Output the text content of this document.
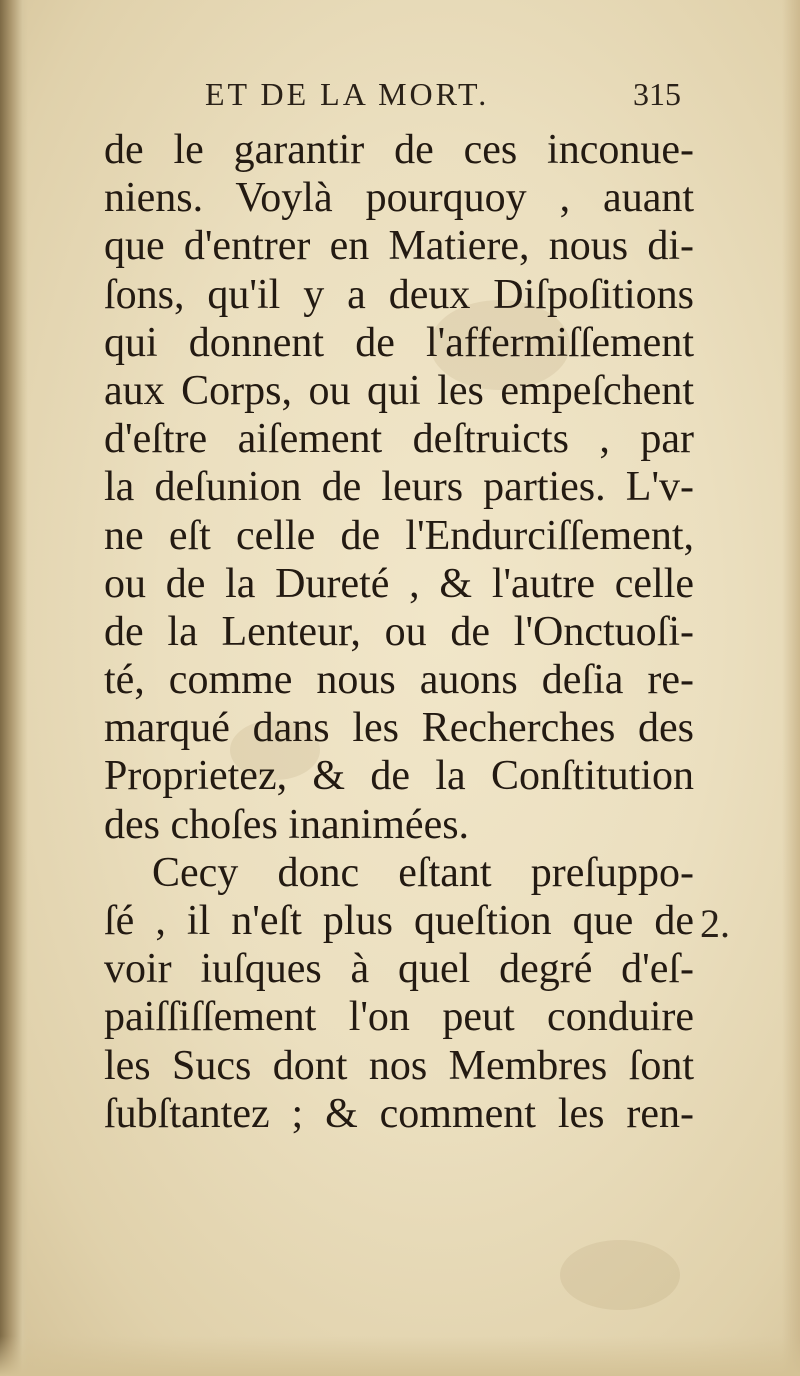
ET DE LA MORT.	315
de le garantir de ces inconue-
niens. Voylà pourquoy , auant
que d'entrer en Matiere, nous di-
ſons, qu'il y a deux Diſpoſitions
qui donnent de l'affermiſſement
aux Corps, ou qui les empeſchent
d'eſtre aiſement deſtruicts , par
la deſunion de leurs parties. L'v-
ne eſt celle de l'Endurciſſement,
ou de la Dureté , & l'autre celle
de la Lenteur, ou de l'Onctuoſi-
té, comme nous auons deſia re-
marqué dans les Recherches des
Proprietez, & de la Conſtitution
des choſes inanimées.
Cecy donc eſtant preſuppo-
ſé , il n'eſt plus queſtion que de
voir iuſques à quel degré d'eſ-
paiſſiſſement l'on peut conduire
les Sucs dont nos Membres ſont
ſubſtantez ; & comment les ren-
2.
